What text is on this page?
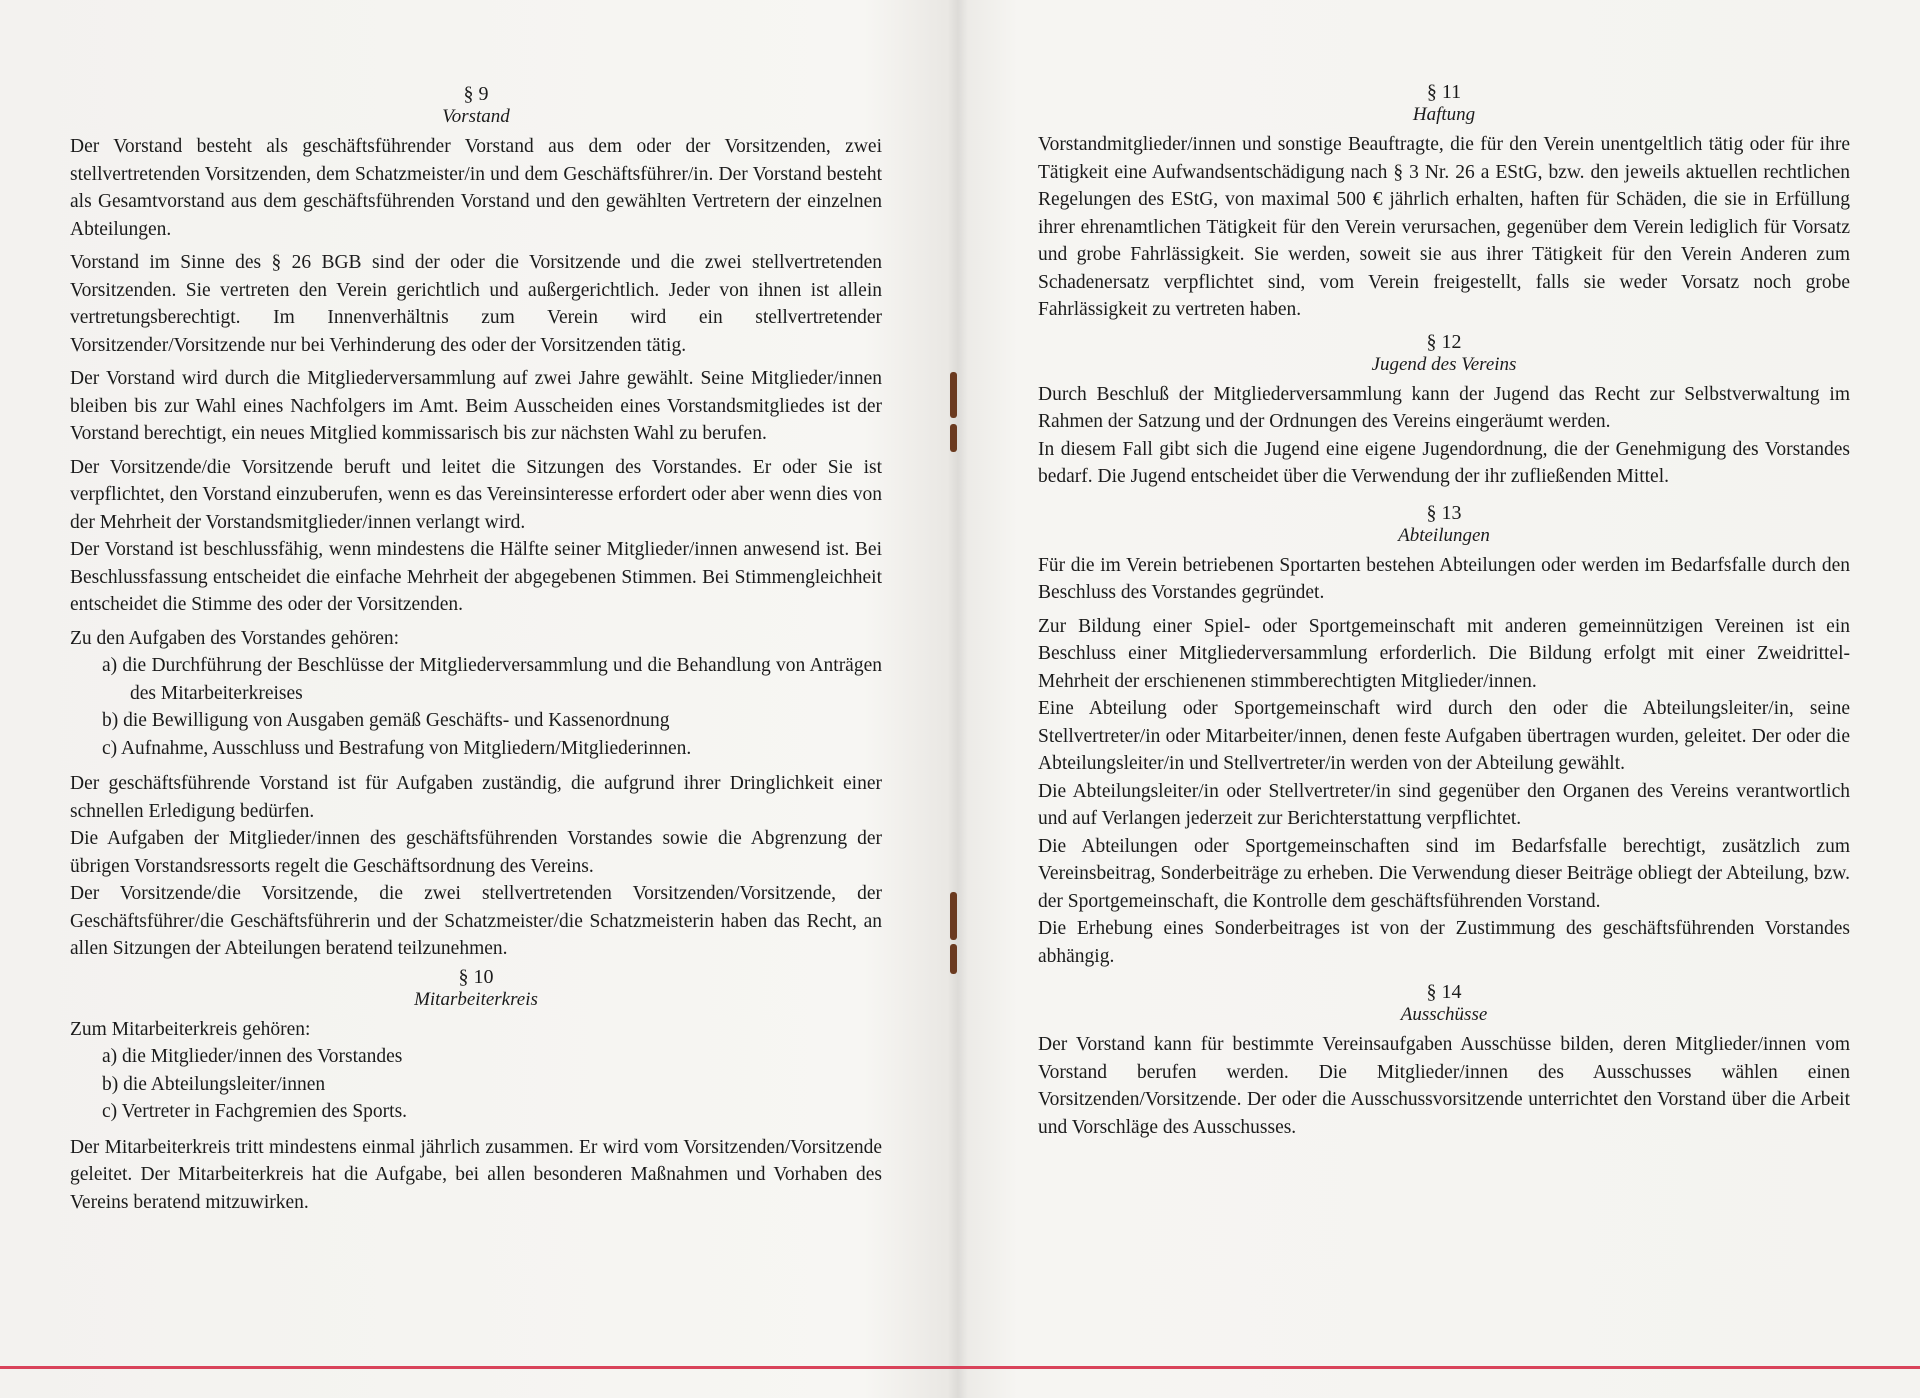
§ 9
Vorstand

Der Vorstand besteht als geschäftsführender Vorstand aus dem oder der Vorsitzenden, zwei stellvertretenden Vorsitzenden, dem Schatzmeister/in und dem Geschäftsführer/in. Der Vorstand besteht als Gesamtvorstand aus dem geschäftsführenden Vorstand und den gewählten Vertretern der einzelnen Abteilungen.

Vorstand im Sinne des § 26 BGB sind der oder die Vorsitzende und die zwei stellvertretenden Vorsitzenden. Sie vertreten den Verein gerichtlich und außergerichtlich. Jeder von ihnen ist allein vertretungsberechtigt. Im Innenverhältnis zum Verein wird ein stellvertretender Vorsitzender/Vorsitzende nur bei Verhinderung des oder der Vorsitzenden tätig.

Der Vorstand wird durch die Mitgliederversammlung auf zwei Jahre gewählt. Seine Mitglieder/innen bleiben bis zur Wahl eines Nachfolgers im Amt. Beim Ausscheiden eines Vorstandsmitgliedes ist der Vorstand berechtigt, ein neues Mitglied kommissarisch bis zur nächsten Wahl zu berufen.

Der Vorsitzende/die Vorsitzende beruft und leitet die Sitzungen des Vorstandes. Er oder Sie ist verpflichtet, den Vorstand einzuberufen, wenn es das Vereinsinteresse erfordert oder aber wenn dies von der Mehrheit der Vorstandsmitglieder/innen verlangt wird.

Der Vorstand ist beschlussfähig, wenn mindestens die Hälfte seiner Mitglieder/innen anwesend ist. Bei Beschlussfassung entscheidet die einfache Mehrheit der abgegebenen Stimmen. Bei Stimmengleichheit entscheidet die Stimme des oder der Vorsitzenden.

Zu den Aufgaben des Vorstandes gehören:

a) die Durchführung der Beschlüsse der Mitgliederversammlung und die Behandlung von Anträgen des Mitarbeiterkreises
b) die Bewilligung von Ausgaben gemäß Geschäfts- und Kassenordnung
c) Aufnahme, Ausschluss und Bestrafung von Mitgliedern/Mitgliederinnen.

Der geschäftsführende Vorstand ist für Aufgaben zuständig, die aufgrund ihrer Dringlichkeit einer schnellen Erledigung bedürfen.

Die Aufgaben der Mitglieder/innen des geschäftsführenden Vorstandes sowie die Abgrenzung der übrigen Vorstandsressorts regelt die Geschäftsordnung des Vereins.

Der Vorsitzende/die Vorsitzende, die zwei stellvertretenden Vorsitzenden/Vorsitzende, der Geschäftsführer/die Geschäftsführerin und der Schatzmeister/die Schatzmeisterin haben das Recht, an allen Sitzungen der Abteilungen beratend teilzunehmen.

§ 10
Mitarbeiterkreis

Zum Mitarbeiterkreis gehören:

a) die Mitglieder/innen des Vorstandes
b) die Abteilungsleiter/innen
c) Vertreter in Fachgremien des Sports.

Der Mitarbeiterkreis tritt mindestens einmal jährlich zusammen. Er wird vom Vorsitzenden/Vorsitzende geleitet. Der Mitarbeiterkreis hat die Aufgabe, bei allen besonderen Maßnahmen und Vorhaben des Vereins beratend mitzuwirken.

§ 11
Haftung

Vorstandmitglieder/innen und sonstige Beauftragte, die für den Verein unentgeltlich tätig oder für ihre Tätigkeit eine Aufwandsentschädigung nach § 3 Nr. 26 a EStG, bzw. den jeweils aktuellen rechtlichen Regelungen des EStG, von maximal 500 € jährlich erhalten, haften für Schäden, die sie in Erfüllung ihrer ehrenamtlichen Tätigkeit für den Verein verursachen, gegenüber dem Verein lediglich für Vorsatz und grobe Fahrlässigkeit. Sie werden, soweit sie aus ihrer Tätigkeit für den Verein Anderen zum Schadenersatz verpflichtet sind, vom Verein freigestellt, falls sie weder Vorsatz noch grobe Fahrlässigkeit zu vertreten haben.

§ 12
Jugend des Vereins

Durch Beschluß der Mitgliederversammlung kann der Jugend das Recht zur Selbstverwaltung im Rahmen der Satzung und der Ordnungen des Vereins eingeräumt werden.

In diesem Fall gibt sich die Jugend eine eigene Jugendordnung, die der Genehmigung des Vorstandes bedarf. Die Jugend entscheidet über die Verwendung der ihr zufließenden Mittel.

§ 13
Abteilungen

Für die im Verein betriebenen Sportarten bestehen Abteilungen oder werden im Bedarfsfalle durch den Beschluss des Vorstandes gegründet.

Zur Bildung einer Spiel- oder Sportgemeinschaft mit anderen gemeinnützigen Vereinen ist ein Beschluss einer Mitgliederversammlung erforderlich. Die Bildung erfolgt mit einer Zweidrittel-Mehrheit der erschienenen stimmberechtigten Mitglieder/innen.

Eine Abteilung oder Sportgemeinschaft wird durch den oder die Abteilungsleiter/in, seine Stellvertreter/in oder Mitarbeiter/innen, denen feste Aufgaben übertragen wurden, geleitet. Der oder die Abteilungsleiter/in und Stellvertreter/in werden von der Abteilung gewählt.

Die Abteilungsleiter/in oder Stellvertreter/in sind gegenüber den Organen des Vereins verantwortlich und auf Verlangen jederzeit zur Berichterstattung verpflichtet.

Die Abteilungen oder Sportgemeinschaften sind im Bedarfsfalle berechtigt, zusätzlich zum Vereinsbeitrag, Sonderbeiträge zu erheben. Die Verwendung dieser Beiträge obliegt der Abteilung, bzw. der Sportgemeinschaft, die Kontrolle dem geschäftsführenden Vorstand.

Die Erhebung eines Sonderbeitrages ist von der Zustimmung des geschäftsführenden Vorstandes abhängig.

§ 14
Ausschüsse

Der Vorstand kann für bestimmte Vereinsaufgaben Ausschüsse bilden, deren Mitglieder/innen vom Vorstand berufen werden. Die Mitglieder/innen des Ausschusses wählen einen Vorsitzenden/Vorsitzende. Der oder die Ausschussvorsitzende unterrichtet den Vorstand über die Arbeit und Vorschläge des Ausschusses.
